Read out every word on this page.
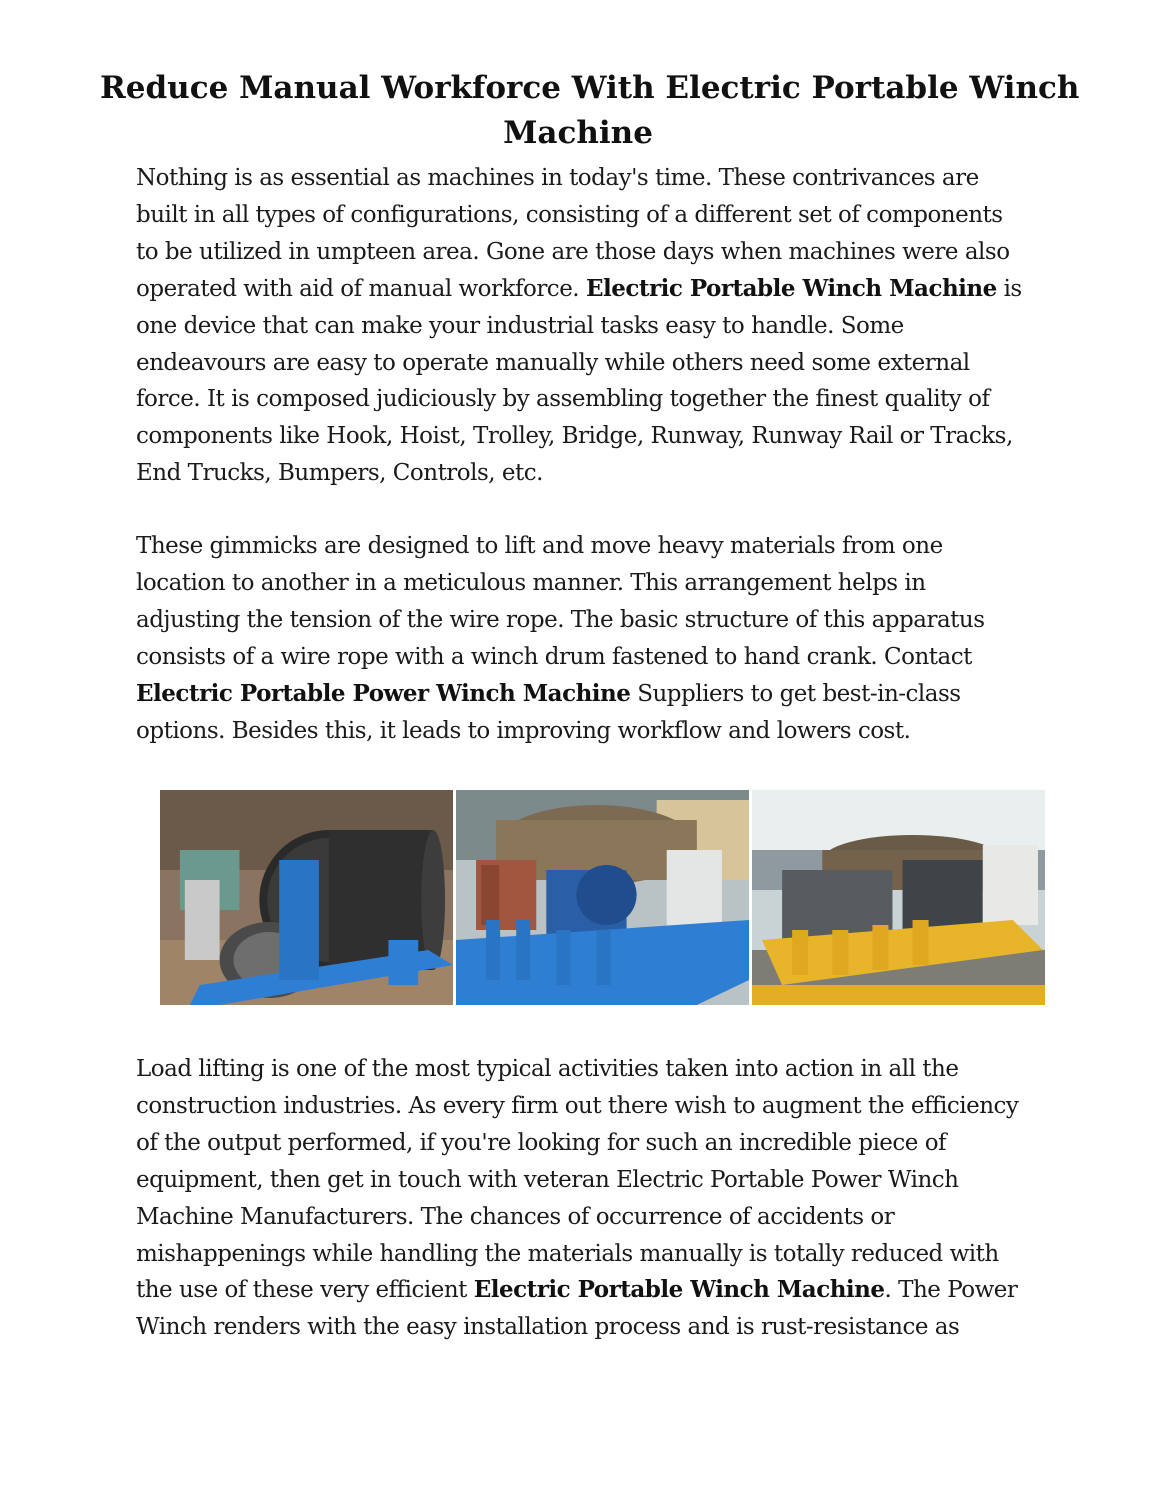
Reduce Manual Workforce With Electric Portable Winch
Machine

Nothing is as essential as machines in today's time. These contrivances are
built in all types of configurations, consisting of a different set of components
to be utilized in umpteen area. Gone are those days when machines were also
operated with aid of manual workforce. Electric Portable Winch Machine is
one device that can make your industrial tasks easy to handle. Some
endeavours are easy to operate manually while others need some external
force. It is composed judiciously by assembling together the finest quality of
components like Hook, Hoist, Trolley, Bridge, Runway, Runway Rail or Tracks,
End Trucks, Bumpers, Controls, etc.

These gimmicks are designed to lift and move heavy materials from one
location to another in a meticulous manner. This arrangement helps in
adjusting the tension of the wire rope. The basic structure of this apparatus
consists of a wire rope with a winch drum fastened to hand crank. Contact
Electric Portable Power Winch Machine Suppliers to get best-in-class
options. Besides this, it leads to improving workflow and lowers cost.

Load lifting is one of the most typical activities taken into action in all the
construction industries. As every firm out there wish to augment the efficiency
of the output performed, if you're looking for such an incredible piece of
equipment, then get in touch with veteran Electric Portable Power Winch
Machine Manufacturers. The chances of occurrence of accidents or
mishappenings while handling the materials manually is totally reduced with
the use of these very efficient Electric Portable Winch Machine. The Power
Winch renders with the easy installation process and is rust-resistance as
